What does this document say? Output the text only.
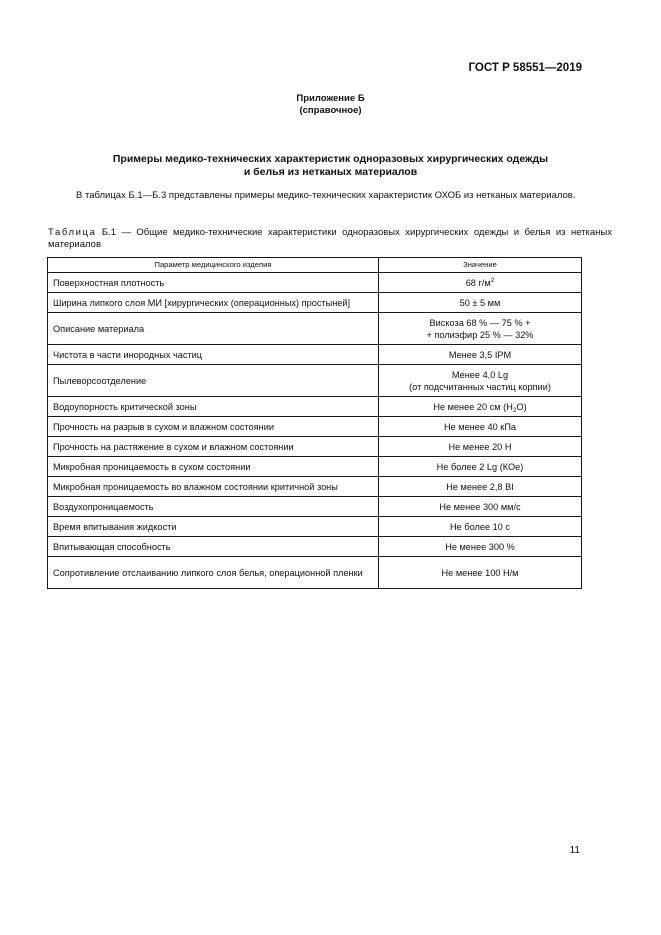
ГОСТ Р 58551—2019
Приложение Б
(справочное)
Примеры медико-технических характеристик одноразовых хирургических одежды
и белья из нетканых материалов
В таблицах Б.1—Б.3 представлены примеры медико-технических характеристик ОХОБ из нетканых материалов.
Таблица Б.1 — Общие медико-технические характеристики одноразовых хирургических одежды и белья из нетканых материалов
Параметр медицинского изделия	Значение
Поверхностная плотность	68 $г/м^2$
Ширина липкого слоя МИ [хирургических (операционных) простыней]	50 ± 5 мм
Описание материала	Вискоза 68 % — 75 % +
+ полиэфир 25 % — 32%

Чистота в части инородных частиц	Менее 3,5 IPM
Пылеворсоотделение	Менее 4,0 Lg
(от подсчитанных частиц корпии)

Водоупорность критической зоны	Не менее 20 см $(H_2O)$
Прочность на разрыв в сухом и влажном состоянии	Не менее 40 кПа
Прочность на растяжение в сухом и влажном состоянии	Не менее 20 Н
Микробная проницаемость в сухом состоянии	Не более 2 Lg (КОе)
Микробная проницаемость во влажном состоянии критичной зоны	Не менее 2,8 BI
Воздухопроницаемость	Не менее 300 мм/с
Время впитывания жидкости	Не более 10 с
Впитывающая способность	Не менее 300 %
Сопротивление отслаиванию липкого слоя белья, операционной пленки	Не менее 100 Н/м
11
